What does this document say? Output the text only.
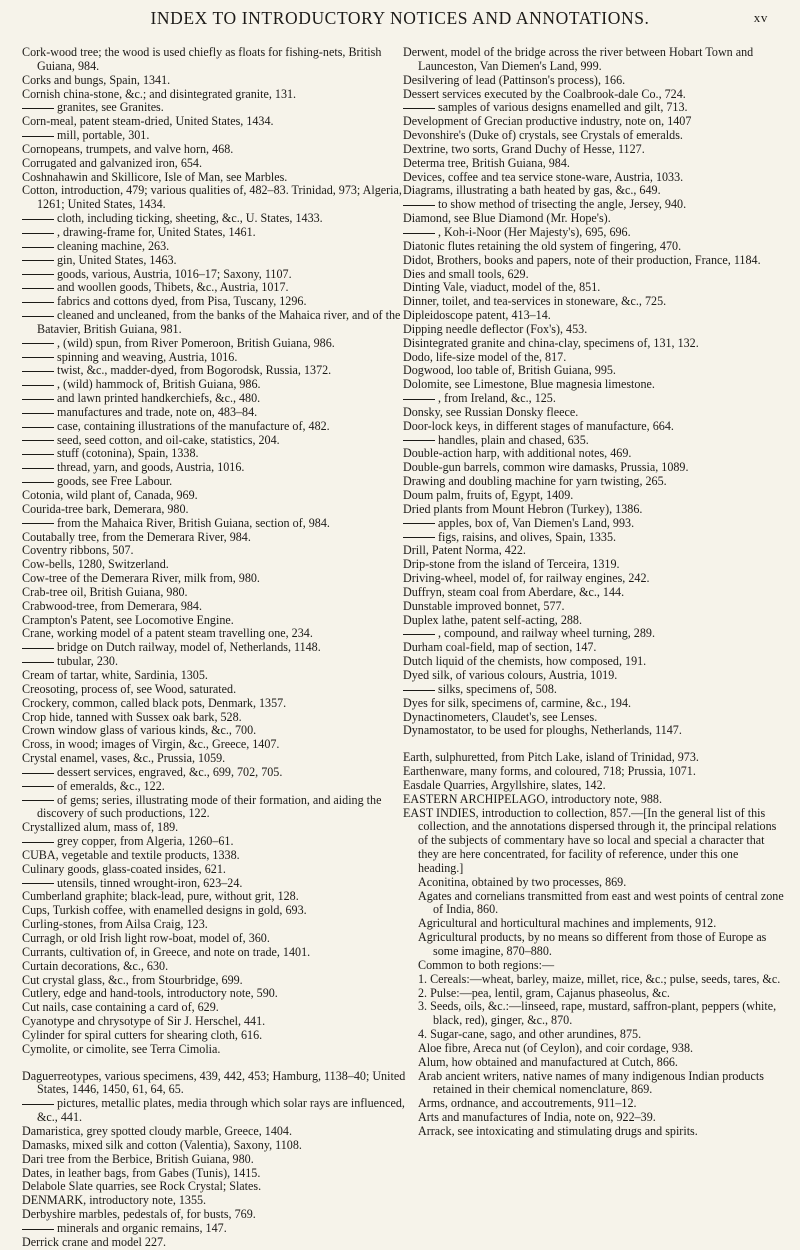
INDEX TO INTRODUCTORY NOTICES AND ANNOTATIONS.	xv
Cork-wood tree; the wood is used chiefly as floats for fishing-nets, British Guiana, 984.
Corks and bungs, Spain, 1341.
Cornish china-stone, &c.; and disintegrated granite, 131.
granites, see Granites.
Corn-meal, patent steam-dried, United States, 1434.
mill, portable, 301.
Cornopeans, trumpets, and valve horn, 468.
Corrugated and galvanized iron, 654.
Coshnahawin and Skillicore, Isle of Man, see Marbles.
Cotton, introduction, 479; various qualities of, 482–83. Trinidad, 973; Algeria, 1261; United States, 1434.
cloth, including ticking, sheeting, &c., U. States, 1433.
, drawing-frame for, United States, 1461.
cleaning machine, 263.
gin, United States, 1463.
goods, various, Austria, 1016–17; Saxony, 1107.
and woollen goods, Thibets, &c., Austria, 1017.
fabrics and cottons dyed, from Pisa, Tuscany, 1296.
cleaned and uncleaned, from the banks of the Mahaica river, and of the Batavier, British Guiana, 981.
, (wild) spun, from River Pomeroon, British Guiana, 986.
spinning and weaving, Austria, 1016.
twist, &c., madder-dyed, from Bogorodsk, Russia, 1372.
, (wild) hammock of, British Guiana, 986.
and lawn printed handkerchiefs, &c., 480.
manufactures and trade, note on, 483–84.
case, containing illustrations of the manufacture of, 482.
seed, seed cotton, and oil-cake, statistics, 204.
stuff (cotonina), Spain, 1338.
thread, yarn, and goods, Austria, 1016.
goods, see Free Labour.
Cotonia, wild plant of, Canada, 969.
Courida-tree bark, Demerara, 980.
from the Mahaica River, British Guiana, section of, 984.
Coutabally tree, from the Demerara River, 984.
Coventry ribbons, 507.
Cow-bells, 1280, Switzerland.
Cow-tree of the Demerara River, milk from, 980.
Crab-tree oil, British Guiana, 980.
Crabwood-tree, from Demerara, 984.
Crampton's Patent, see Locomotive Engine.
Crane, working model of a patent steam travelling one, 234.
bridge on Dutch railway, model of, Netherlands, 1148.
tubular, 230.
Cream of tartar, white, Sardinia, 1305.
Creosoting, process of, see Wood, saturated.
Crockery, common, called black pots, Denmark, 1357.
Crop hide, tanned with Sussex oak bark, 528.
Crown window glass of various kinds, &c., 700.
Cross, in wood; images of Virgin, &c., Greece, 1407.
Crystal enamel, vases, &c., Prussia, 1059.
dessert services, engraved, &c., 699, 702, 705.
of emeralds, &c., 122.
of gems; series, illustrating mode of their formation, and aiding the discovery of such productions, 122.
Crystallized alum, mass of, 189.
grey copper, from Algeria, 1260–61.
CUBA, vegetable and textile products, 1338.
Culinary goods, glass-coated insides, 621.
utensils, tinned wrought-iron, 623–24.
Cumberland graphite; black-lead, pure, without grit, 128.
Cups, Turkish coffee, with enamelled designs in gold, 693.
Curling-stones, from Ailsa Craig, 123.
Curragh, or old Irish light row-boat, model of, 360.
Currants, cultivation of, in Greece, and note on trade, 1401.
Curtain decorations, &c., 630.
Cut crystal glass, &c., from Stourbridge, 699.
Cutlery, edge and hand-tools, introductory note, 590.
Cut nails, case containing a card of, 629.
Cyanotype and chrysotype of Sir J. Herschel, 441.
Cylinder for spiral cutters for shearing cloth, 616.
Cymolite, or cimolite, see Terra Cimolia.
Daguerreotypes, various specimens, 439, 442, 453; Hamburg, 1138–40; United States, 1446, 1450, 61, 64, 65.
pictures, metallic plates, media through which solar rays are influenced, &c., 441.
Damaristica, grey spotted cloudy marble, Greece, 1404.
Damasks, mixed silk and cotton (Valentia), Saxony, 1108.
Dari tree from the Berbice, British Guiana, 980.
Dates, in leather bags, from Gabes (Tunis), 1415.
Delabole Slate quarries, see Rock Crystal; Slates.
DENMARK, introductory note, 1355.
Derbyshire marbles, pedestals of, for busts, 769.
minerals and organic remains, 147.
Derrick crane and model 227.
Derwent, model of the bridge across the river between Hobart Town and Launceston, Van Diemen's Land, 999.
Desilvering of lead (Pattinson's process), 166.
Dessert services executed by the Coalbrook-dale Co., 724.
samples of various designs enamelled and gilt, 713.
Development of Grecian productive industry, note on, 1407
Devonshire's (Duke of) crystals, see Crystals of emeralds.
Dextrine, two sorts, Grand Duchy of Hesse, 1127.
Determa tree, British Guiana, 984.
Devices, coffee and tea service stone-ware, Austria, 1033.
Diagrams, illustrating a bath heated by gas, &c., 649.
to show method of trisecting the angle, Jersey, 940.
Diamond, see Blue Diamond (Mr. Hope's).
, Koh-i-Noor (Her Majesty's), 695, 696.
Diatonic flutes retaining the old system of fingering, 470.
Didot, Brothers, books and papers, note of their production, France, 1184.
Dies and small tools, 629.
Dinting Vale, viaduct, model of the, 851.
Dinner, toilet, and tea-services in stoneware, &c., 725.
Dipleidoscope patent, 413–14.
Dipping needle deflector (Fox's), 453.
Disintegrated granite and china-clay, specimens of, 131, 132.
Dodo, life-size model of the, 817.
Dogwood, loo table of, British Guiana, 995.
Dolomite, see Limestone, Blue magnesia limestone.
, from Ireland, &c., 125.
Donsky, see Russian Donsky fleece.
Door-lock keys, in different stages of manufacture, 664.
handles, plain and chased, 635.
Double-action harp, with additional notes, 469.
Double-gun barrels, common wire damasks, Prussia, 1089.
Drawing and doubling machine for yarn twisting, 265.
Doum palm, fruits of, Egypt, 1409.
Dried plants from Mount Hebron (Turkey), 1386.
apples, box of, Van Diemen's Land, 993.
figs, raisins, and olives, Spain, 1335.
Drill, Patent Norma, 422.
Drip-stone from the island of Terceira, 1319.
Driving-wheel, model of, for railway engines, 242.
Duffryn, steam coal from Aberdare, &c., 144.
Dunstable improved bonnet, 577.
Duplex lathe, patent self-acting, 288.
, compound, and railway wheel turning, 289.
Durham coal-field, map of section, 147.
Dutch liquid of the chemists, how composed, 191.
Dyed silk, of various colours, Austria, 1019.
silks, specimens of, 508.
Dyes for silk, specimens of, carmine, &c., 194.
Dynactinometers, Claudet's, see Lenses.
Dynamostator, to be used for ploughs, Netherlands, 1147.
Earth, sulphuretted, from Pitch Lake, island of Trinidad, 973.
Earthenware, many forms, and coloured, 718; Prussia, 1071.
Easdale Quarries, Argyllshire, slates, 142.
EASTERN ARCHIPELAGO, introductory note, 988.
EAST INDIES, introduction to collection, 857.—[In the general list of this collection, and the annotations dispersed through it, the principal relations of the subjects of commentary have so local and special a character that they are here concentrated, for facility of reference, under this one heading.]
Aconitina, obtained by two processes, 869.
Agates and cornelians transmitted from east and west points of central zone of India, 860.
Agricultural and horticultural machines and implements, 912.
Agricultural products, by no means so different from those of Europe as some imagine, 870–880.
Common to both regions:—
1. Cereals:—wheat, barley, maize, millet, rice, &c.; pulse, seeds, tares, &c.
2. Pulse:—pea, lentil, gram, Cajanus phaseolus, &c.
3. Seeds, oils, &c.:—linseed, rape, mustard, saffron-plant, peppers (white, black, red), ginger, &c., 870.
4. Sugar-cane, sago, and other arundines, 875.
Aloe fibre, Areca nut (of Ceylon), and coir cordage, 938.
Alum, how obtained and manufactured at Cutch, 866.
Arab ancient writers, native names of many indigenous Indian products retained in their chemical nomenclature, 869.
Arms, ordnance, and accoutrements, 911–12.
Arts and manufactures of India, note on, 922–39.
Arrack, see intoxicating and stimulating drugs and spirits.
